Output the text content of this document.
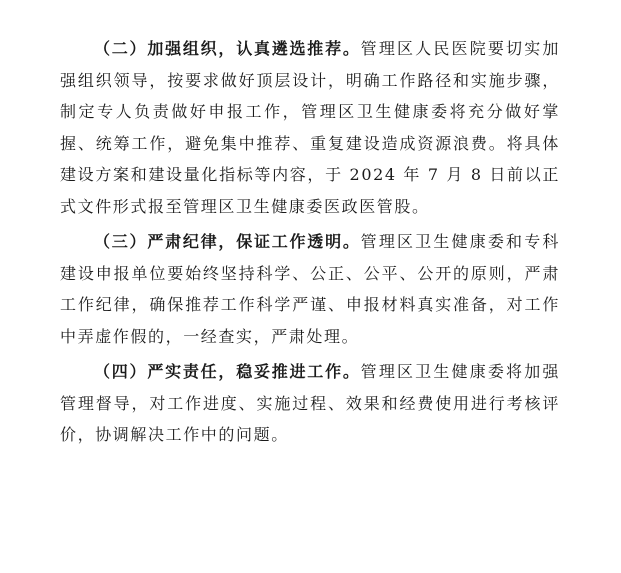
（二）加强组织，认真遴选推荐。管理区人民医院要切实加强组织领导，按要求做好顶层设计，明确工作路径和实施步骤，制定专人负责做好申报工作，管理区卫生健康委将充分做好掌握、统筹工作，避免集中推荐、重复建设造成资源浪费。将具体建设方案和建设量化指标等内容，于 2024 年 7 月 8 日前以正式文件形式报至管理区卫生健康委医政医管股。

（三）严肃纪律，保证工作透明。管理区卫生健康委和专科建设申报单位要始终坚持科学、公正、公平、公开的原则，严肃工作纪律，确保推荐工作科学严谨、申报材料真实准备，对工作中弄虚作假的，一经查实，严肃处理。

（四）严实责任，稳妥推进工作。管理区卫生健康委将加强管理督导，对工作进度、实施过程、效果和经费使用进行考核评价，协调解决工作中的问题。
